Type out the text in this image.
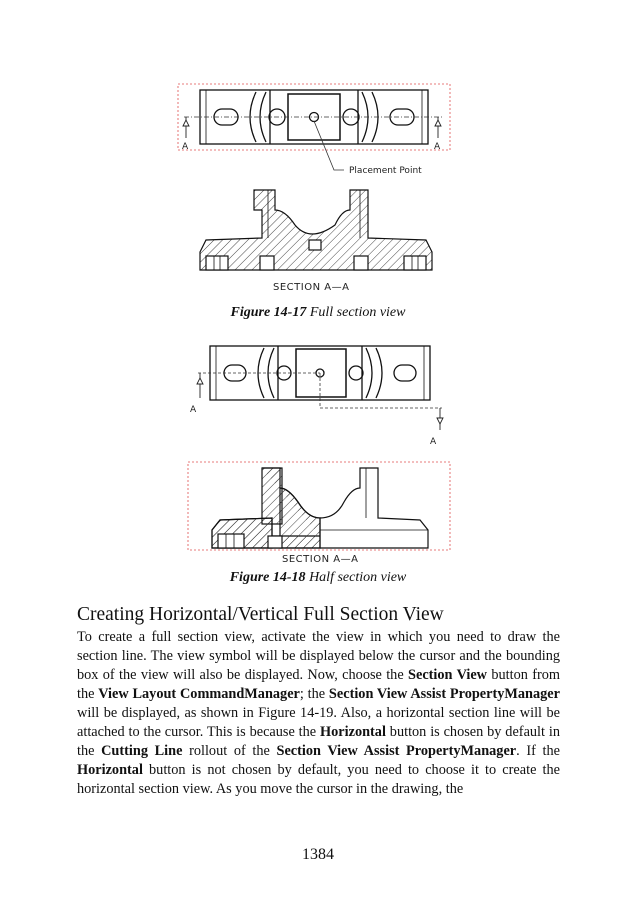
A	A
Placement Point
SECTION A—A
Figure 14-17 Full section view
A
A
SECTION A—A
Figure 14-18 Half section view
Creating Horizontal/Vertical Full Section View

To create a full section view, activate the view in which you need to draw the section line. The view symbol will be displayed below the cursor and the bounding box of the view will also be displayed. Now, choose the Section View button from the View Layout CommandManager; the Section View Assist PropertyManager will be displayed, as shown in Figure 14-19. Also, a horizontal section line will be attached to the cursor. This is because the Horizontal button is chosen by default in the Cutting Line rollout of the Section View Assist PropertyManager. If the Horizontal button is not chosen by default, you need to choose it to create the horizontal section view. As you move the cursor in the drawing, the

1384
